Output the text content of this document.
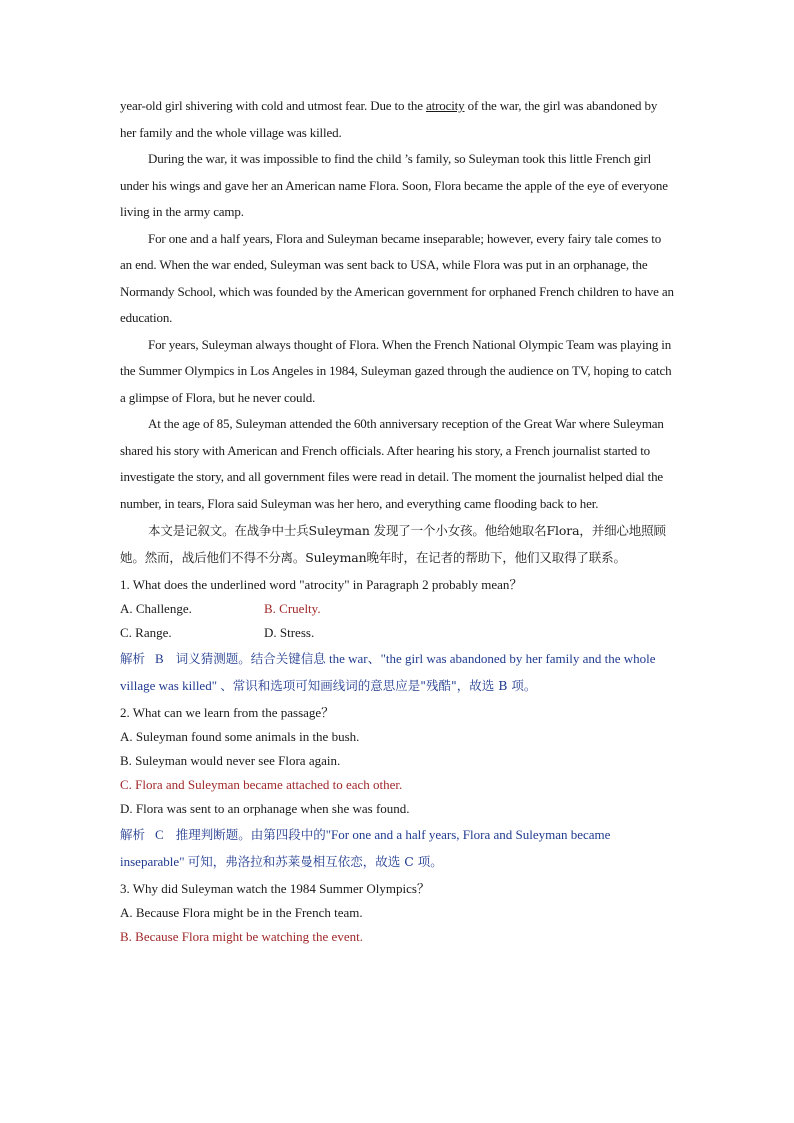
year-old girl shivering with cold and utmost fear. Due to the atrocity of the war, the girl was abandoned by her family and the whole village was killed.

During the war, it was impossible to find the child ’s family, so Suleyman took this little French girl under his wings and gave her an American name Flora. Soon, Flora became the apple of the eye of everyone living in the army camp.

For one and a half years, Flora and Suleyman became inseparable; however, every fairy tale comes to an end. When the war ended, Suleyman was sent back to USA, while Flora was put in an orphanage, the Normandy School, which was founded by the American government for orphaned French children to have an education.

For years, Suleyman always thought of Flora. When the French National Olympic Team was playing in the Summer Olympics in Los Angeles in 1984, Suleyman gazed through the audience on TV, hoping to catch a glimpse of Flora, but he never could.

At the age of 85, Suleyman attended the 60th anniversary reception of the Great War where Suleyman shared his story with American and French officials. After hearing his story, a French journalist started to investigate the story, and all government files were read in detail. The moment the journalist helped dial the number, in tears, Flora said Suleyman was her hero, and everything came flooding back to her.

本文是记叙文。在战争中士兵Suleyman 发现了一个小女孩。他给她取名Flora，并细心地照顾她。然而，战后他们不得不分离。Suleyman晚年时，在记者的帮助下，他们又取得了联系。

1. What does the underlined word "atrocity" in Paragraph 2 probably mean？

A. Challenge.	B. Cruelty.
C. Range.	D. Stress.

解析 B 词义猜测题。结合关键信息 the war、"the girl was abandoned by her family and the whole village was killed" 、常识和选项可知画线词的意思应是"残酷"，故选 B 项。

2. What can we learn from the passage？

A. Suleyman found some animals in the bush.

B. Suleyman would never see Flora again.

C. Flora and Suleyman became attached to each other.

D. Flora was sent to an orphanage when she was found.

解析 C 推理判断题。由第四段中的"For one and a half years, Flora and Suleyman became inseparable" 可知，弗洛拉和苏莱曼相互依恋，故选 C 项。

3. Why did Suleyman watch the 1984 Summer Olympics？

A. Because Flora might be in the French team.

B. Because Flora might be watching the event.
